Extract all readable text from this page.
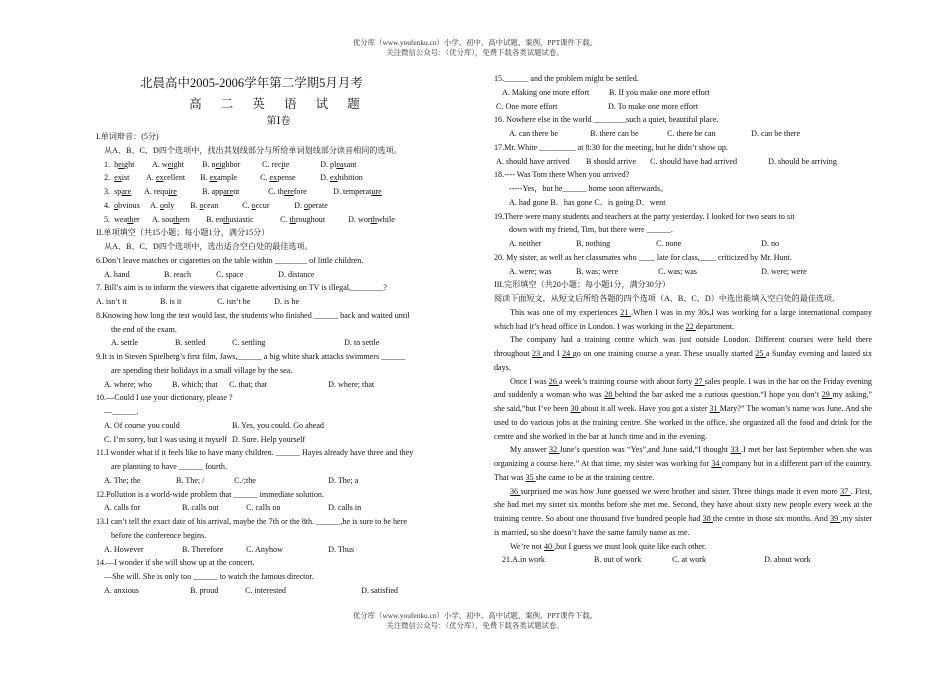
优分库（www.youfenku.cn）小学、初中、高中试题、案例、PPT课件下载。
关注微信公众号：（优分库），免费下载各类试题试卷。
北晨高中2005-2006学年第二学期5月月考
高 二 英 语 试 题
第Ⅰ卷
I.单词辩音：(5分)
从A、B、C、D四个选项中，找出其划线部分与所给单词划线部分读音相同的选项。
1.  height A. weight B. neighbor	C. recite	D. pleasant
2.  exist A. excellent B. example	C. expense	D. exhibition
3.  spare A. require	B. apparent	C. therefore	D. temperature
4.  obvious A. only B. ocean	C. occur	D. operate
5.  weather A. southern B. enthusiastic	C. throughout	D. worthwhile
II.单项填空（共15小题；每小题1分，满分15分）
从A、B、C、D四个选项中，选出适合空白处的最佳选项。
6.Don’t leave matches or cigarettes on the table within ________ of little children.
A. hand	B. reach	C. space	D. distance
7. Bill’s aim is to inform the viewers that cigarette advertising on TV is illegal,________?
A. isn’t it	B. is it	C. isn’t he	D. is he
8.Knowing how long the test would last, the students who finished ______ back and waited until
the end of the exam.
A. settle	B. settled	C. settling	D. to settle
9.It is in Steven Spielberg’s first film, Jaws,______ a big white shark attacks swimmers ______
are spending their holidays in a small village by the sea.
A. where; who B. which; that C. that; that	D. where; that
10.—Could I use your dictionary, please ?
—______.
A. Of course you could	B. Yes, you could. Go ahead
C. I’m sorry, but I was using it myself D. Sure. Help yourself
11.I wonder what if it feels like to have many children. ______ Hayes already have three and they
are planning to have ______ fourth.
A. The; the	B. The; /	C./;the	D. The; a
12.Pollution is a world-wide problem that ______ immediate solution.
A. calls for	B. calls out	C. calls on	D. calls in
13.I can’t tell the exact date of his arrival, maybe the 7th or the 8th. ______,he is sure to be here
before the conference begins.
A. However	B. Therefore	C. Anyhow	D. Thus
14.—I wonder if she will show up at the concert.
—She will. She is only too ______ to watch the famous director.
A. anxious	B. proud	C. interested	D. satisfied
15.______ and the problem might be settled.
A. Making one more effort B. If you make one more effort
C. One more effort	D. To make one more effort
16. Nowhere else in the world ________such a quiet, beautiful place.
A. can there be	B. there can be	C. there be can	D. can be there
17.Mr. White _________ at 8:30 for the meeting, but he didn’t show up.
A. should have arrived B should arrive C. should have had arrived	D. should be arriving
18.---- Was Tom there When you arrived?
-----Yes，but he______ home soon afterwards。
A. had gone B．has gone C．is going D．went
19.There were many students and teachers at the party yesterday. I looked for two seats to sit
down with my friend, Tim, but there were ______.
A. neither	B. nothing	C. none	D. no
20. My sister, as well as her classmates who ____ late for class,____ criticized by Mr. Hunt.
A. were; was	B. was; were	C. was; was	D. were; were
III.完形填空（共20小题；每小题1分，满分30分）
阅读下面短文，从短文后所给各题的四个选项（A、B、C、D）中选出能填入空白处的最佳选项。
This was one of my experiences 21 .When I was in my 30s,I was working for a large international company which had it’s head office in London. I was working in the 22 department.
The company had a training centre which was just outside London. Different courses were held there throughout 23 and I 24 go on one training course a year. These usually started 25 a Sunday evening and lasted six days.
Once I was 26 a week’s training course with about forty 27 sales people. I was in the bar on the Friday evening and suddenly a woman who was 28 behind the bar asked me a curious question.“I hope you don’t 29 my asking,” she said,“but I’ve been 30 about it all week. Have you got a sister 31 Mary?” The woman’s name was June. And she used to do various jobs at the training centre. She worked in the office, she organized all the food and drink for the centre and she worked in the bar at lunch time and in the evening.
My answer 32 June’s question was “Yes”,and June said,“I thought 33 .I met her last September when she was organizing a course here.” At that time, my sister was working for 34 company but in a different part of the country. That was 35 she came to be at the training centre.
36 surprised me was how June guessed we were brother and sister. Three things made it even more 37 . First, she had met my sister six months before she met me. Second, they have about sixty new people every week at the training centre. So about one thousand five hundred people had 38 the centre in those six months. And 39 ,my sister is married, so she doesn’t have the same family name as me.
We’re not 40 ,but I guess we must look quite like each other.
21.A.in work	B. out of work	C. at work	D. about work
优分库（www.youfenku.cn）小学、初中、高中试题、案例、PPT课件下载。
关注微信公众号：（优分库），免费下载各类试题试卷。
